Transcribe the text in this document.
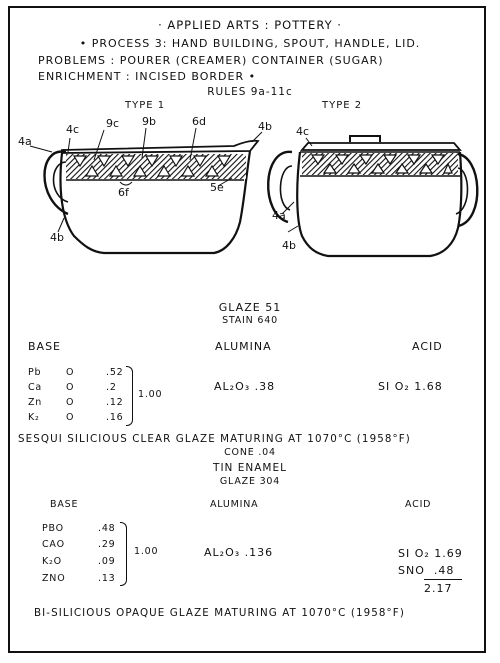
· APPLIED ARTS : POTTERY ·
• PROCESS 3: HAND BUILDING, SPOUT, HANDLE, LID.
PROBLEMS : POURER (CREAMER) CONTAINER (SUGAR)
ENRICHMENT : INCISED BORDER •
RULES 9a-11c
TYPE 1	TYPE 2
4a
4c 9c 9b	6d	4b
6f	5e
4b
4c
4a
4b
GLAZE 51
STAIN 640
BASE	ALUMINA	ACID
Pb	O	.52
Ca	O	.2
Zn	O	.12
K₂	O	.16
1.00
AL₂O₃ .38	SI O₂ 1.68
SESQUI SILICIOUS CLEAR GLAZE MATURING AT 1070°C (1958°F)
CONE .04
TIN ENAMEL
GLAZE 304
BASE	ALUMINA	ACID
PBO	.48
CAO	.29
K₂O	.09
ZNO	.13
1.00	AL₂O₃ .136	SI O₂ 1.69
SNO  .48
2.17
BI-SILICIOUS OPAQUE GLAZE MATURING AT 1070°C (1958°F)
